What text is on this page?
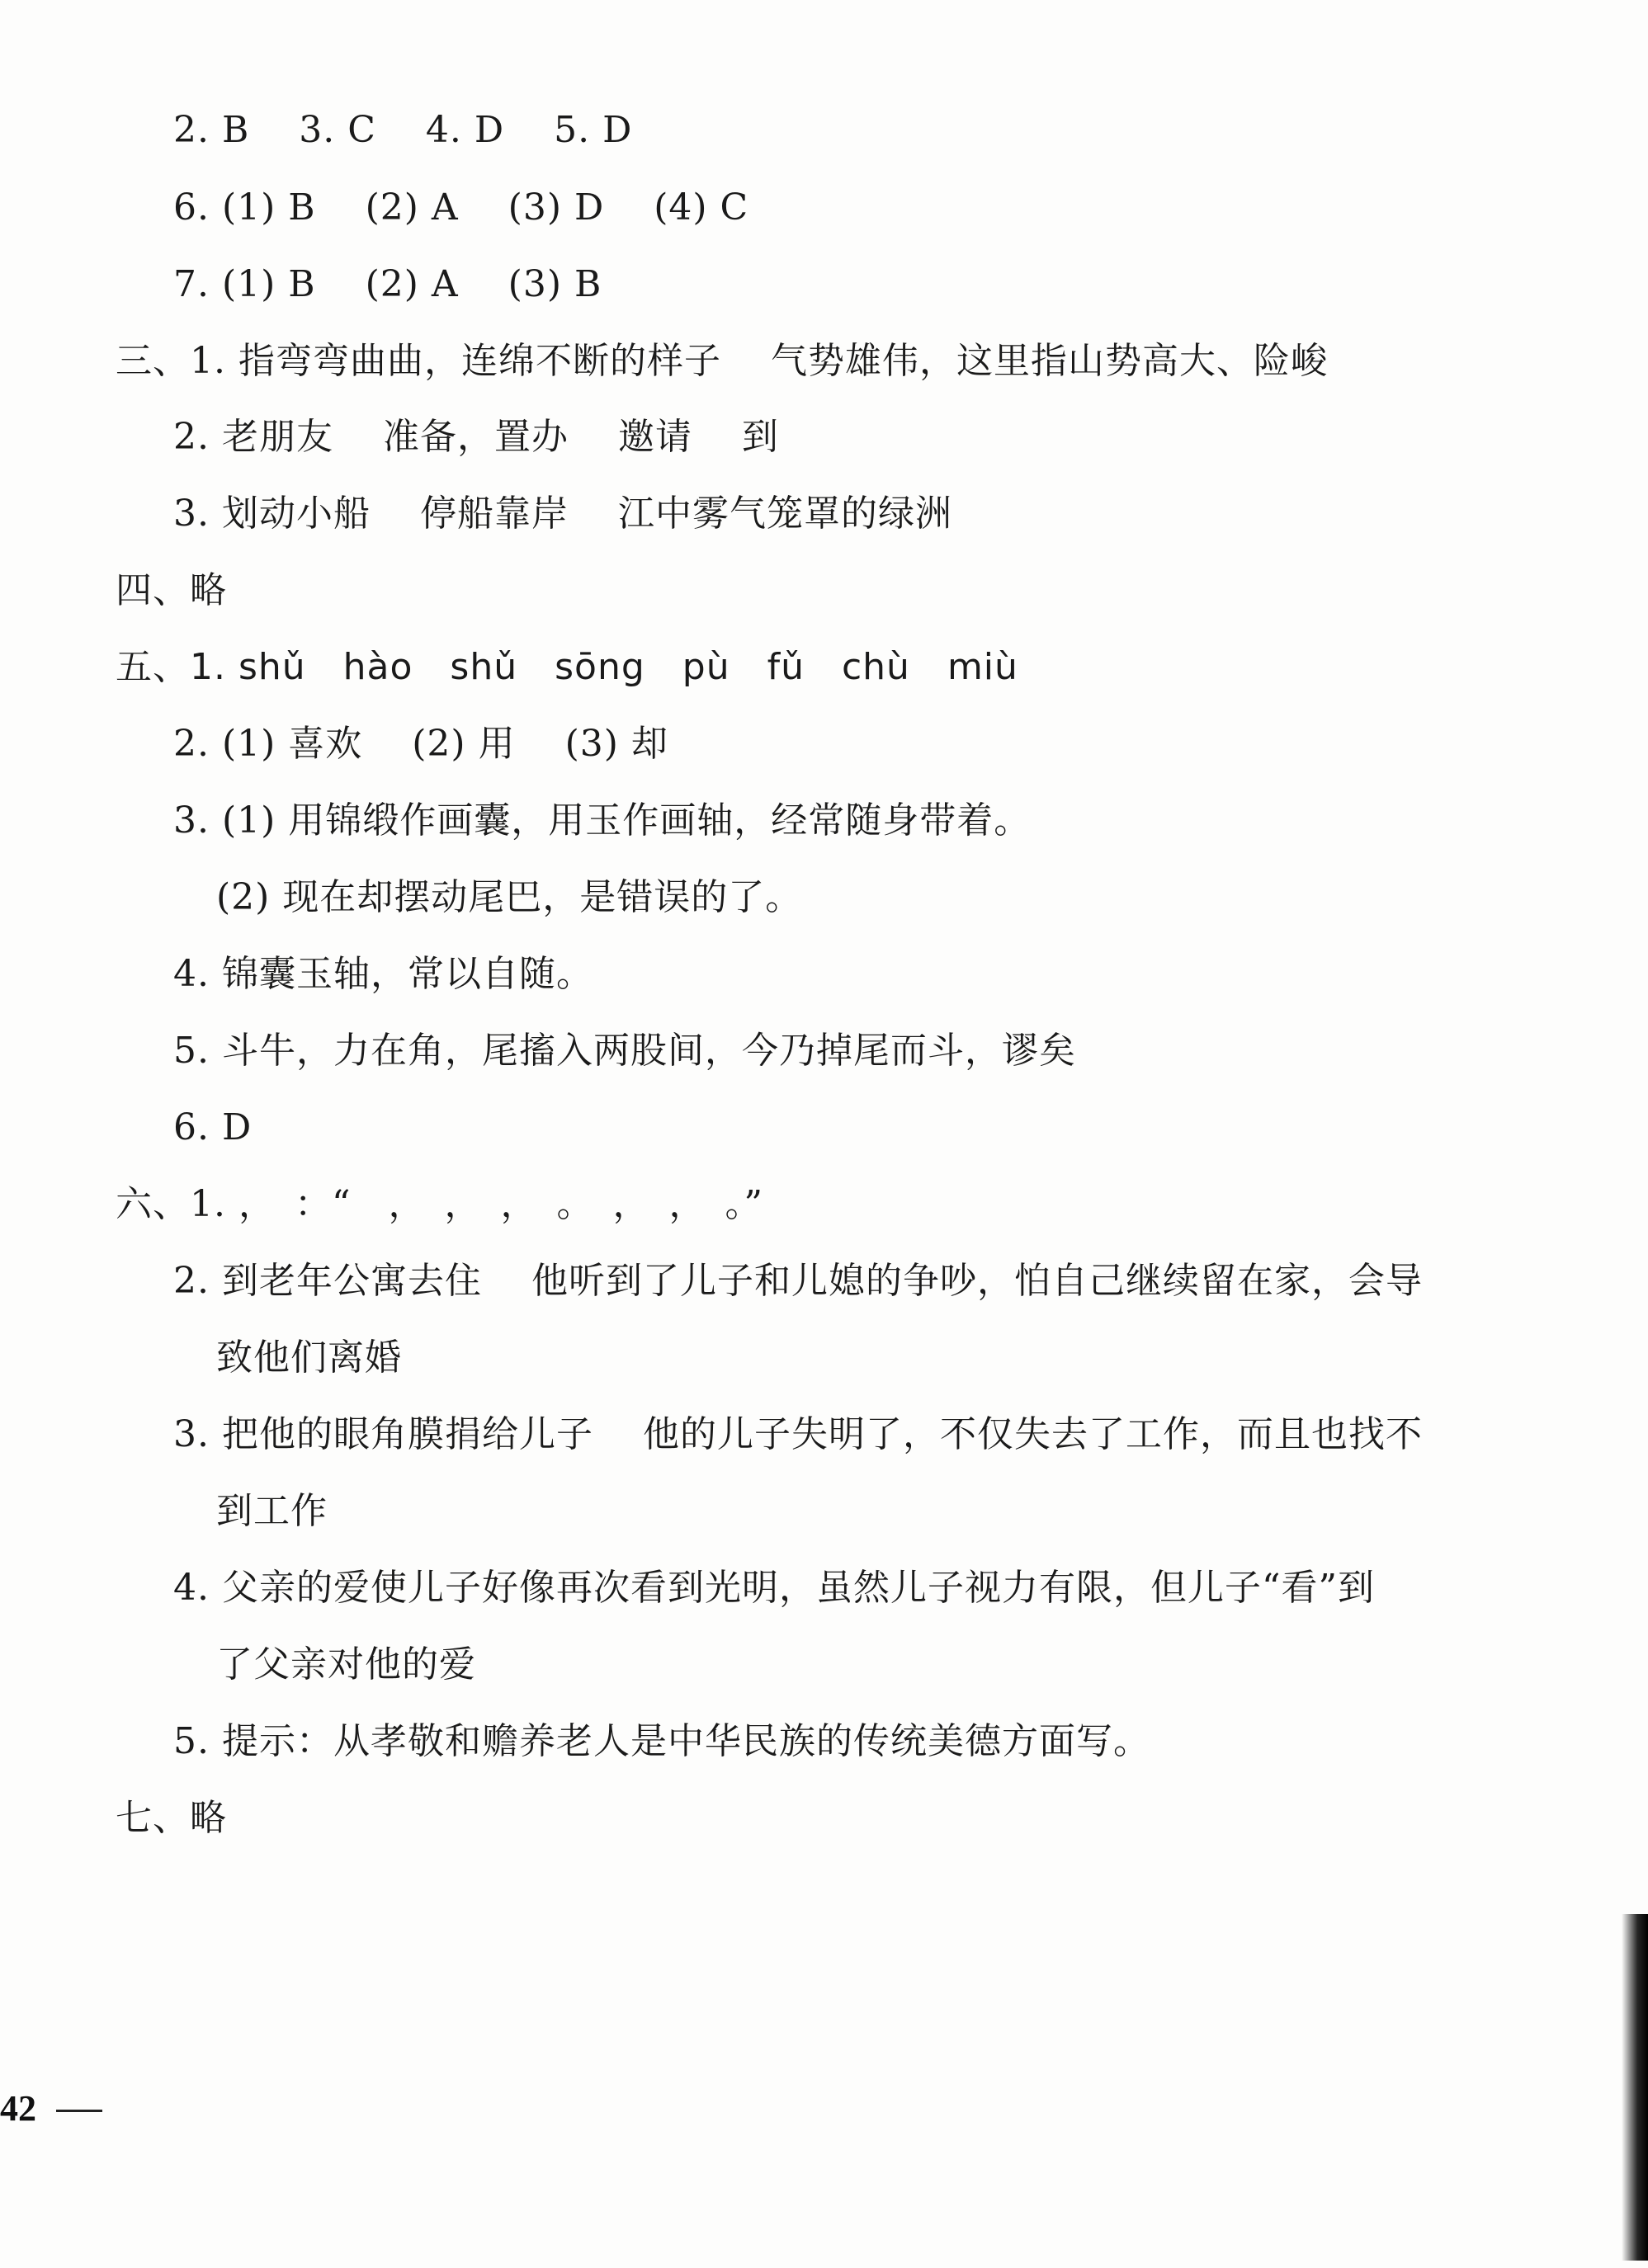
2. B　 3. C　 4. D　 5. D
6. (1) B　 (2) A　 (3) D　 (4) C
7. (1) B　 (2) A　 (3) B
三、1. 指弯弯曲曲，连绵不断的样子　 气势雄伟，这里指山势高大、险峻
2. 老朋友　 准备，置办　 邀请　 到
3. 划动小船　 停船靠岸　 江中雾气笼罩的绿洲
四、略
五、1. shǔ　hào　shǔ　sōng　pù　fǔ　chù　miù
2. (1) 喜欢　 (2) 用　 (3) 却
3. (1) 用锦缎作画囊，用玉作画轴，经常随身带着。
(2) 现在却摆动尾巴，是错误的了。
4. 锦囊玉轴，常以自随。
5. 斗牛，力在角，尾搐入两股间，今乃掉尾而斗，谬矣
6. D
六、1. ，　：“　，　，　，　。　，　，　。”
2. 到老年公寓去住　 他听到了儿子和儿媳的争吵，怕自己继续留在家，会导
致他们离婚
3. 把他的眼角膜捐给儿子　 他的儿子失明了，不仅失去了工作，而且也找不
到工作
4. 父亲的爱使儿子好像再次看到光明，虽然儿子视力有限，但儿子“看”到
了父亲对他的爱
5. 提示：从孝敬和赡养老人是中华民族的传统美德方面写。
七、略
42
